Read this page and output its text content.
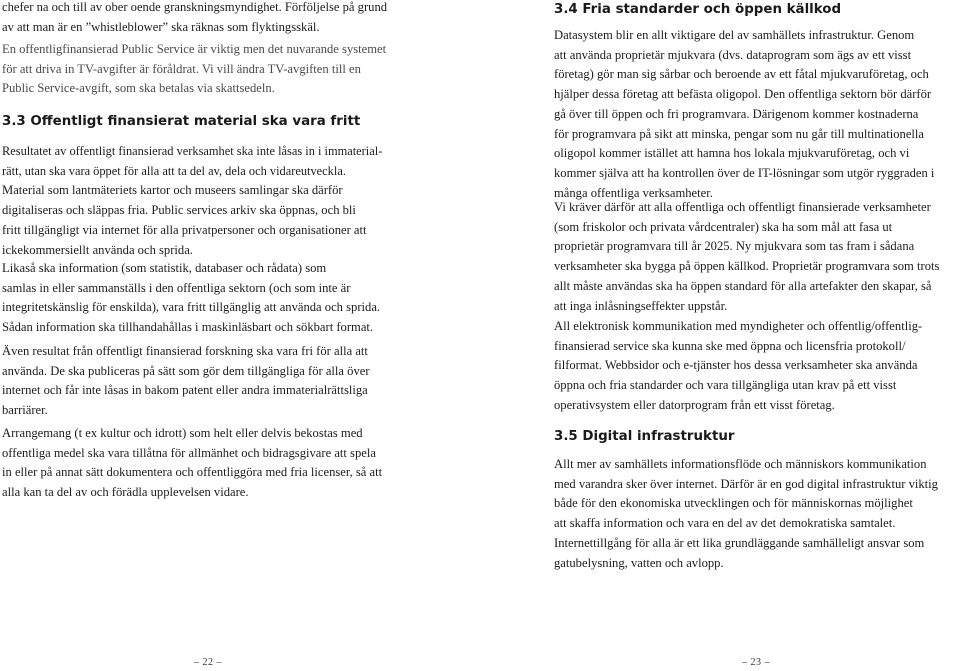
chefer na och till av ober oende granskningsmyndighet. Förföljelse på grund

av att man är en ”whistleblower” ska räknas som flyktingsskäl.

En offentligfinansierad Public Service är viktig men det nuvarande systemet

för att driva in TV-avgifter är föråldrat. Vi vill ändra TV-avgiften till en

Public Service-avgift, som ska betalas via skattsedeln.

3.3 Offentligt finansierat material ska vara fritt

Resultatet av offentligt finansierad verksamhet ska inte låsas in i immaterial-

rätt, utan ska vara öppet för alla att ta del av, dela och vidareutveckla.

Material som lantmäteriets kartor och museers samlingar ska därför

digitaliseras och släppas fria. Public services arkiv ska öppnas, och bli

fritt tillgängligt via internet för alla privatpersoner och organisationer att

ickekommersiellt använda och sprida.

Likaså ska information (som statistik, databaser och rådata) som

samlas in eller sammanställs i den offentliga sektorn (och som inte är

integritetskänslig för enskilda), vara fritt tillgänglig att använda och sprida.

Sådan information ska tillhandahållas i maskinläsbart och sökbart format.

Även resultat från offentligt finansierad forskning ska vara fri för alla att

använda. De ska publiceras på sätt som gör dem tillgängliga för alla över

internet och får inte låsas in bakom patent eller andra immaterialrättsliga

barriärer.

Arrangemang (t ex kultur och idrott) som helt eller delvis bekostas med

offentliga medel ska vara tillåtna för allmänhet och bidragsgivare att spela

in eller på annat sätt dokumentera och offentliggöra med fria licenser, så att

alla kan ta del av och förädla upplevelsen vidare.

– 22 –
3.4 Fria standarder och öppen källkod

Datasystem blir en allt viktigare del av samhällets infrastruktur. Genom

att använda proprietär mjukvara (dvs. dataprogram som ägs av ett visst

företag) gör man sig sårbar och beroende av ett fåtal mjukvaruföretag, och

hjälper dessa företag att befästa oligopol. Den offentliga sektorn bör därför

gå över till öppen och fri programvara. Därigenom kommer kostnaderna

för programvara på sikt att minska, pengar som nu går till multinationella

oligopol kommer istället att hamna hos lokala mjukvaruföretag, och vi

kommer själva att ha kontrollen över de IT-lösningar som utgör ryggraden i

många offentliga verksamheter.

Vi kräver därför att alla offentliga och offentligt finansierade verksamheter

(som friskolor och privata vårdcentraler) ska ha som mål att fasa ut

proprietär programvara till år 2025. Ny mjukvara som tas fram i sådana

verksamheter ska bygga på öppen källkod. Proprietär programvara som trots

allt måste användas ska ha öppen standard för alla artefakter den skapar, så

att inga inlåsningseffekter uppstår.

All elektronisk kommunikation med myndigheter och offentlig/offentlig-

finansierad service ska kunna ske med öppna och licensfria protokoll/

filformat. Webbsidor och e-tjänster hos dessa verksamheter ska använda

öppna och fria standarder och vara tillgängliga utan krav på ett visst

operativsystem eller datorprogram från ett visst företag.

3.5 Digital infrastruktur

Allt mer av samhällets informationsflöde och människors kommunikation

med varandra sker över internet. Därför är en god digital infrastruktur viktig

både för den ekonomiska utvecklingen och för människornas möjlighet

att skaffa information och vara en del av det demokratiska samtalet.

Internettillgång för alla är ett lika grundläggande samhälleligt ansvar som

gatubelysning, vatten och avlopp.

– 23 –
